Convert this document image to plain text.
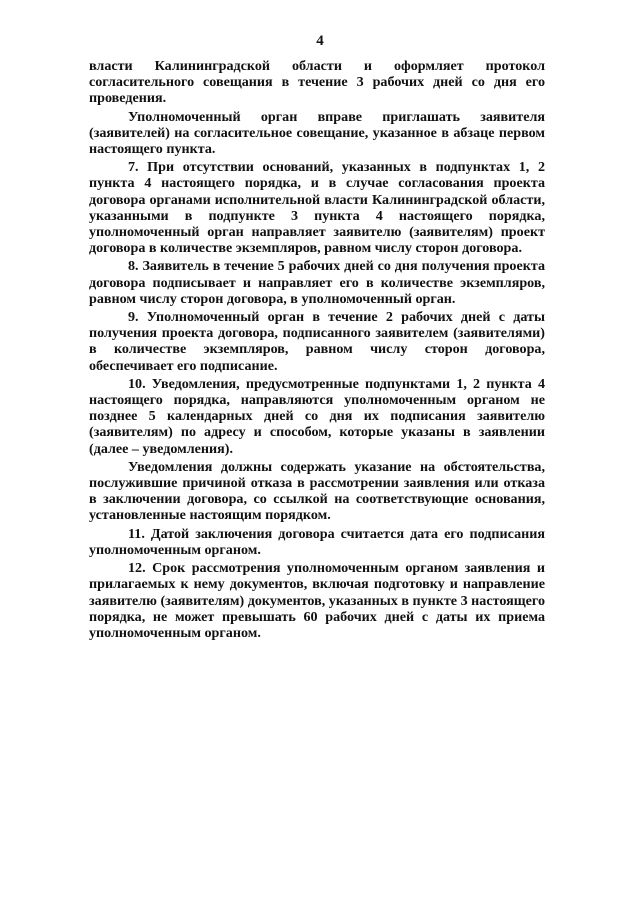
4

власти Калининградской области и оформляет протокол согласительного совещания в течение 3 рабочих дней со дня его проведения.

Уполномоченный орган вправе приглашать заявителя (заявителей) на согласительное совещание, указанное в абзаце первом настоящего пункта.

7. При отсутствии оснований, указанных в подпунктах 1, 2 пункта 4 настоящего порядка, и в случае согласования проекта договора органами исполнительной власти Калининградской области, указанными в подпункте 3 пункта 4 настоящего порядка, уполномоченный орган направляет заявителю (заявителям) проект договора в количестве экземпляров, равном числу сторон договора.

8. Заявитель в течение 5 рабочих дней со дня получения проекта договора подписывает и направляет его в количестве экземпляров, равном числу сторон договора, в уполномоченный орган.

9. Уполномоченный орган в течение 2 рабочих дней с даты получения проекта договора, подписанного заявителем (заявителями) в количестве экземпляров, равном числу сторон договора, обеспечивает его подписание.

10. Уведомления, предусмотренные подпунктами 1, 2 пункта 4 настоящего порядка, направляются уполномоченным органом не позднее 5 календарных дней со дня их подписания заявителю (заявителям) по адресу и способом, которые указаны в заявлении (далее – уведомления).

Уведомления должны содержать указание на обстоятельства, послужившие причиной отказа в рассмотрении заявления или отказа в заключении договора, со ссылкой на соответствующие основания, установленные настоящим порядком.

11. Датой заключения договора считается дата его подписания уполномоченным органом.

12. Срок рассмотрения уполномоченным органом заявления и прилагаемых к нему документов, включая подготовку и направление заявителю (заявителям) документов, указанных в пункте 3 настоящего порядка, не может превышать 60 рабочих дней с даты их приема уполномоченным органом.
